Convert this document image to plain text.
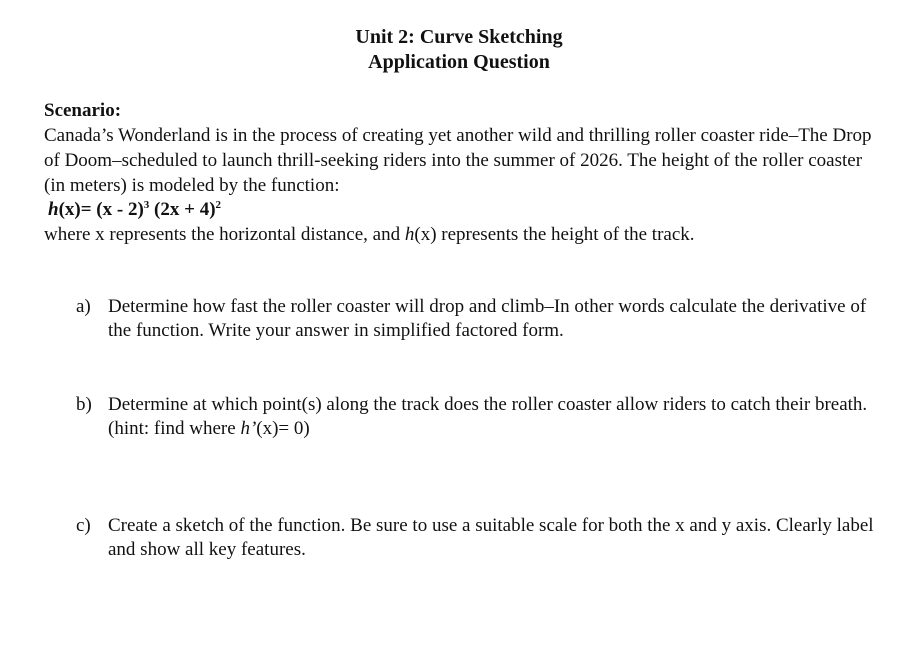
Unit 2: Curve Sketching
Application Question
Scenario:
Canada’s Wonderland is in the process of creating yet another wild and thrilling roller coaster ride–The Drop of Doom–scheduled to launch thrill-seeking riders into the summer of 2026. The height of the roller coaster (in meters) is modeled by the function:
h(x)= (x - 2)$^3$ $(2x + 4)^2$
where x represents the horizontal distance, and h(x) represents the height of the track.
a) Determine how fast the roller coaster will drop and climb–In other words calculate the derivative of the function. Write your answer in simplified factored form.
b) Determine at which point(s) along the track does the roller coaster allow riders to catch their breath. (hint: find where h’(x)= 0)
c) Create a sketch of the function. Be sure to use a suitable scale for both the x and y axis. Clearly label and show all key features.
